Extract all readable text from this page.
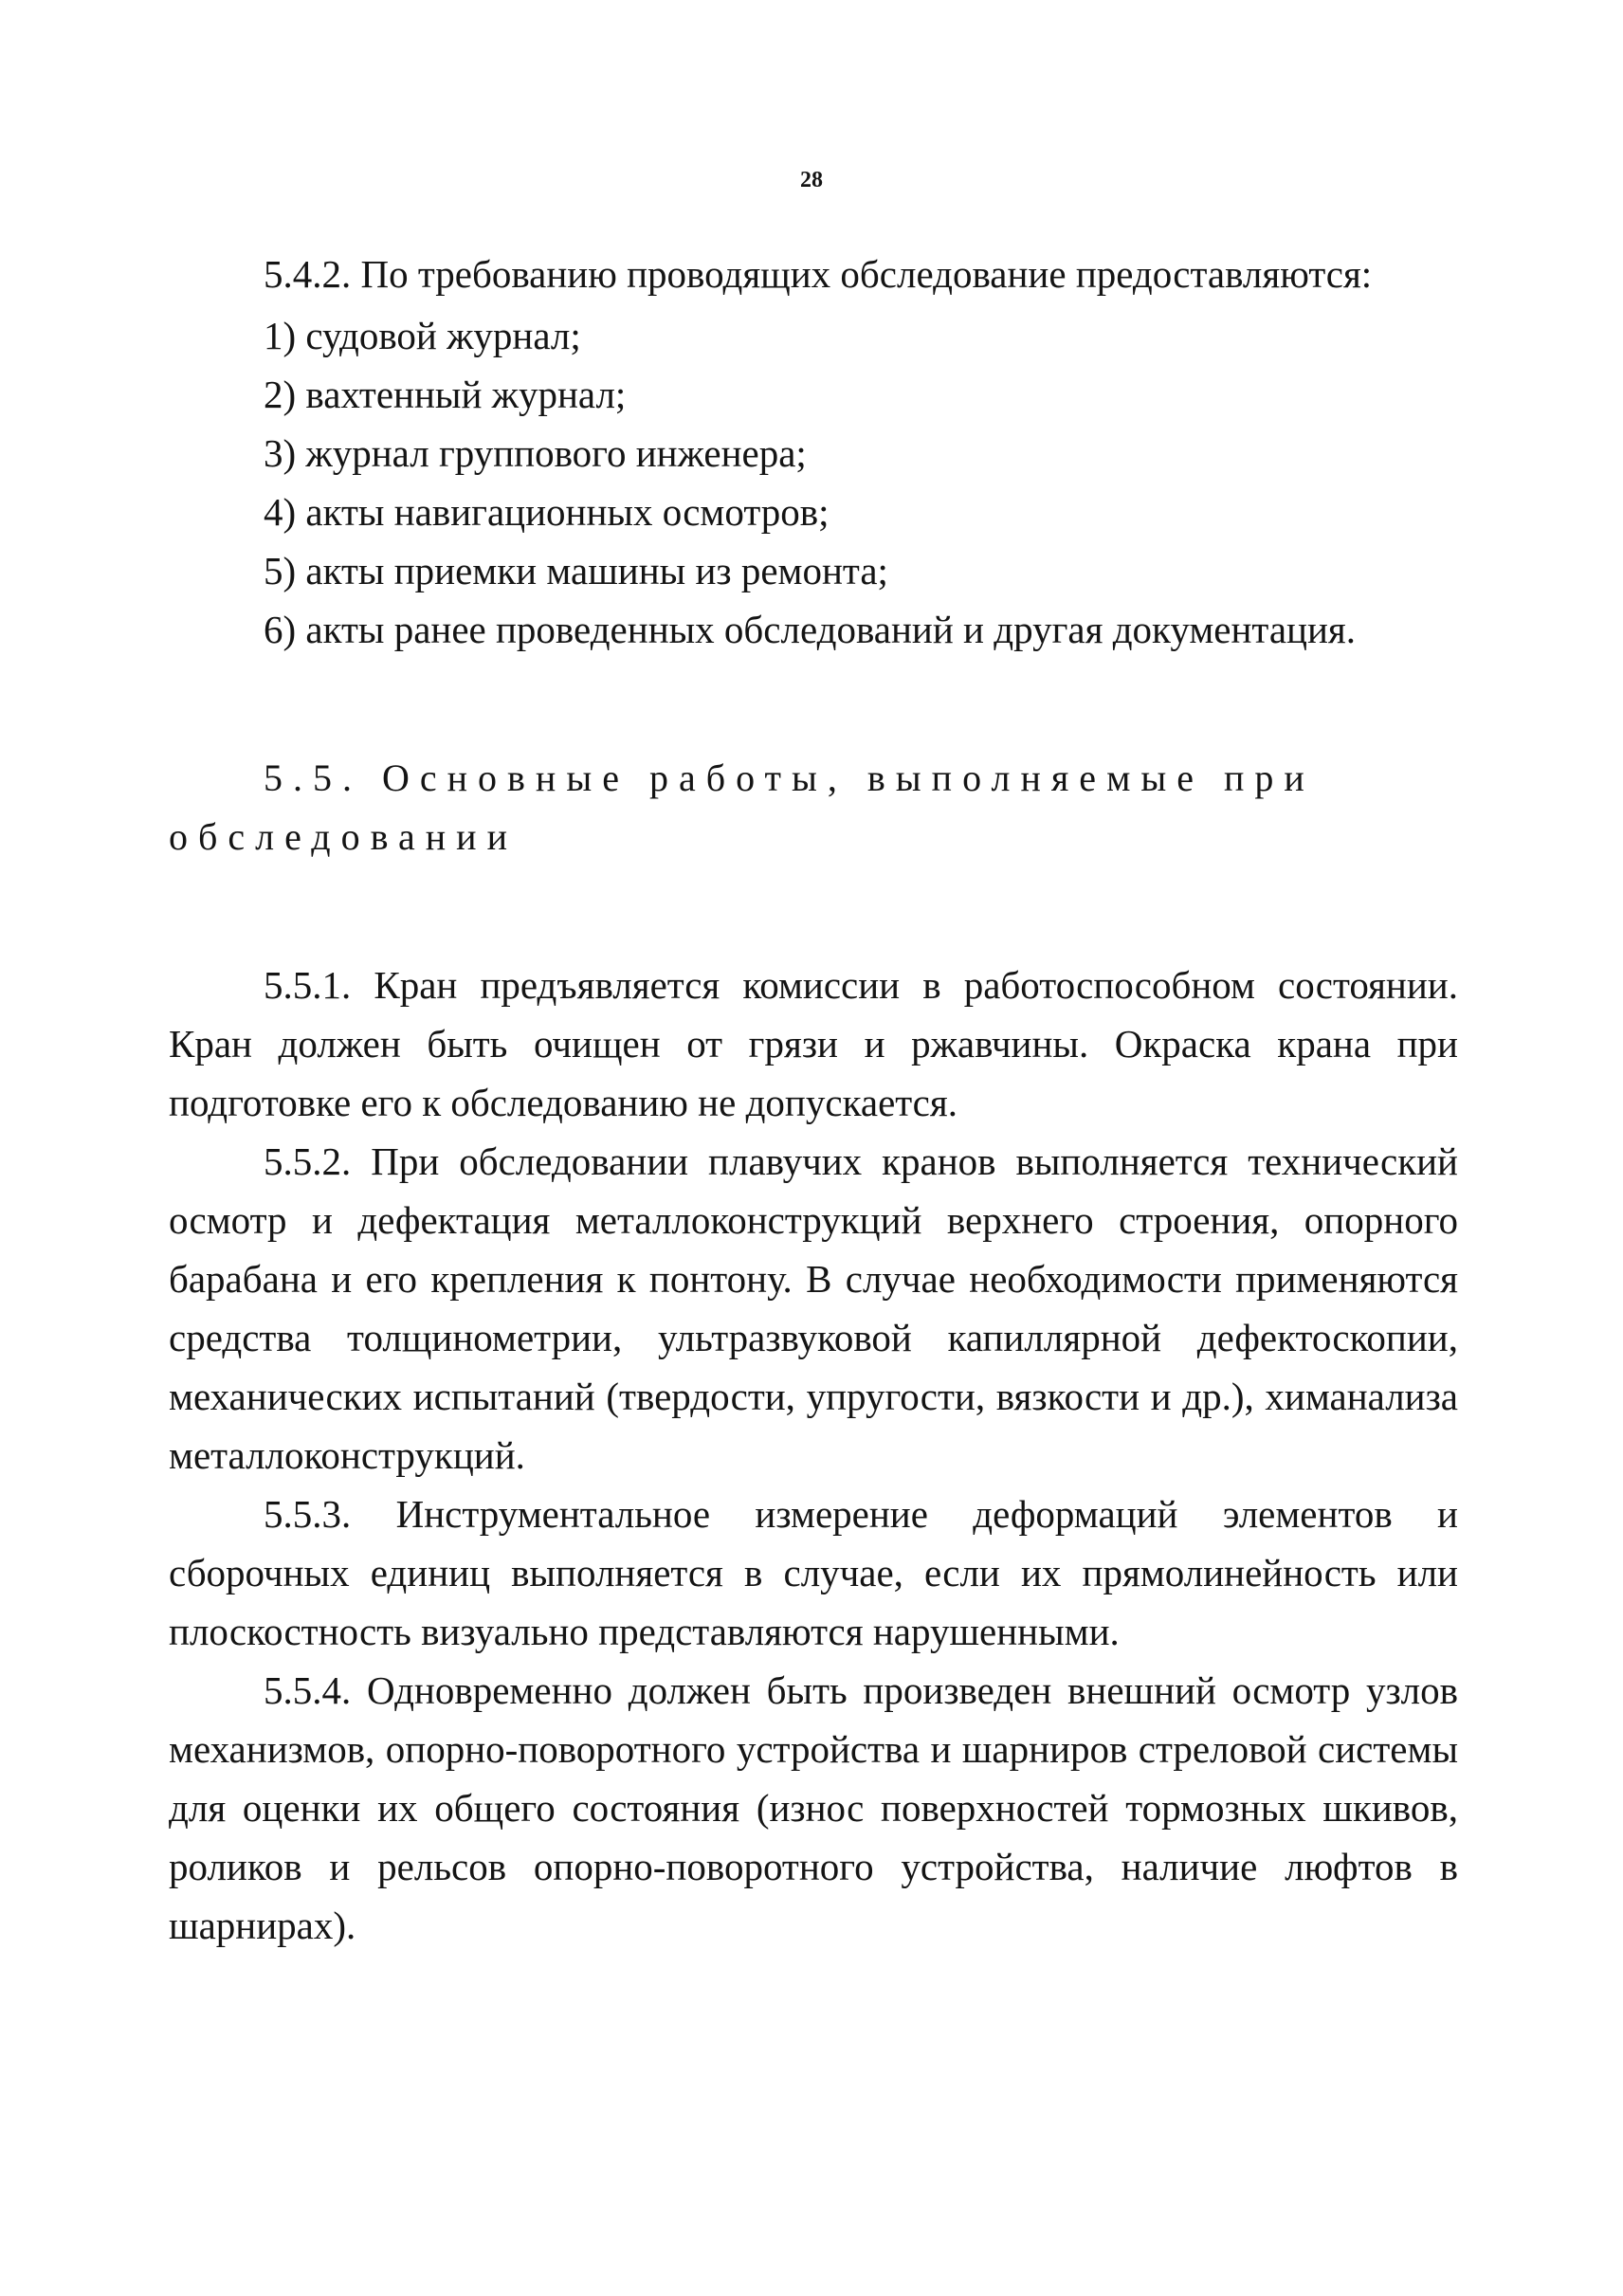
28

5.4.2. По требованию проводящих обследование предоставляются:

1) судовой журнал;

2) вахтенный журнал;

3) журнал группового инженера;

4) акты навигационных осмотров;

5) акты приемки машины из ремонта;

6) акты ранее проведенных обследований и другая документация.

5.5. Основные работы, выполняемые при обследовании

5.5.1. Кран предъявляется комиссии в работоспособном состоянии. Кран должен быть очищен от грязи и ржавчины. Окраска крана при подготовке его к обследованию не допускается.

5.5.2. При обследовании плавучих кранов выполняется технический осмотр и дефектация металлоконструкций верхнего строения, опорного барабана и его крепления к понтону. В случае необходимости применяются средства толщинометрии, ультразвуковой капиллярной дефектоскопии, механических испытаний (твердости, упругости, вязкости и др.), химанализа металлоконструкций.

5.5.3. Инструментальное измерение деформаций элементов и сборочных единиц выполняется в случае, если их прямолинейность или плоскостность визуально представляются нарушенными.

5.5.4. Одновременно должен быть произведен внешний осмотр узлов механизмов, опорно-поворотного устройства и шарниров стреловой системы для оценки их общего состояния (износ поверхностей тормозных шкивов, роликов и рельсов опорно-поворотного устройства, наличие люфтов в шарнирах).
